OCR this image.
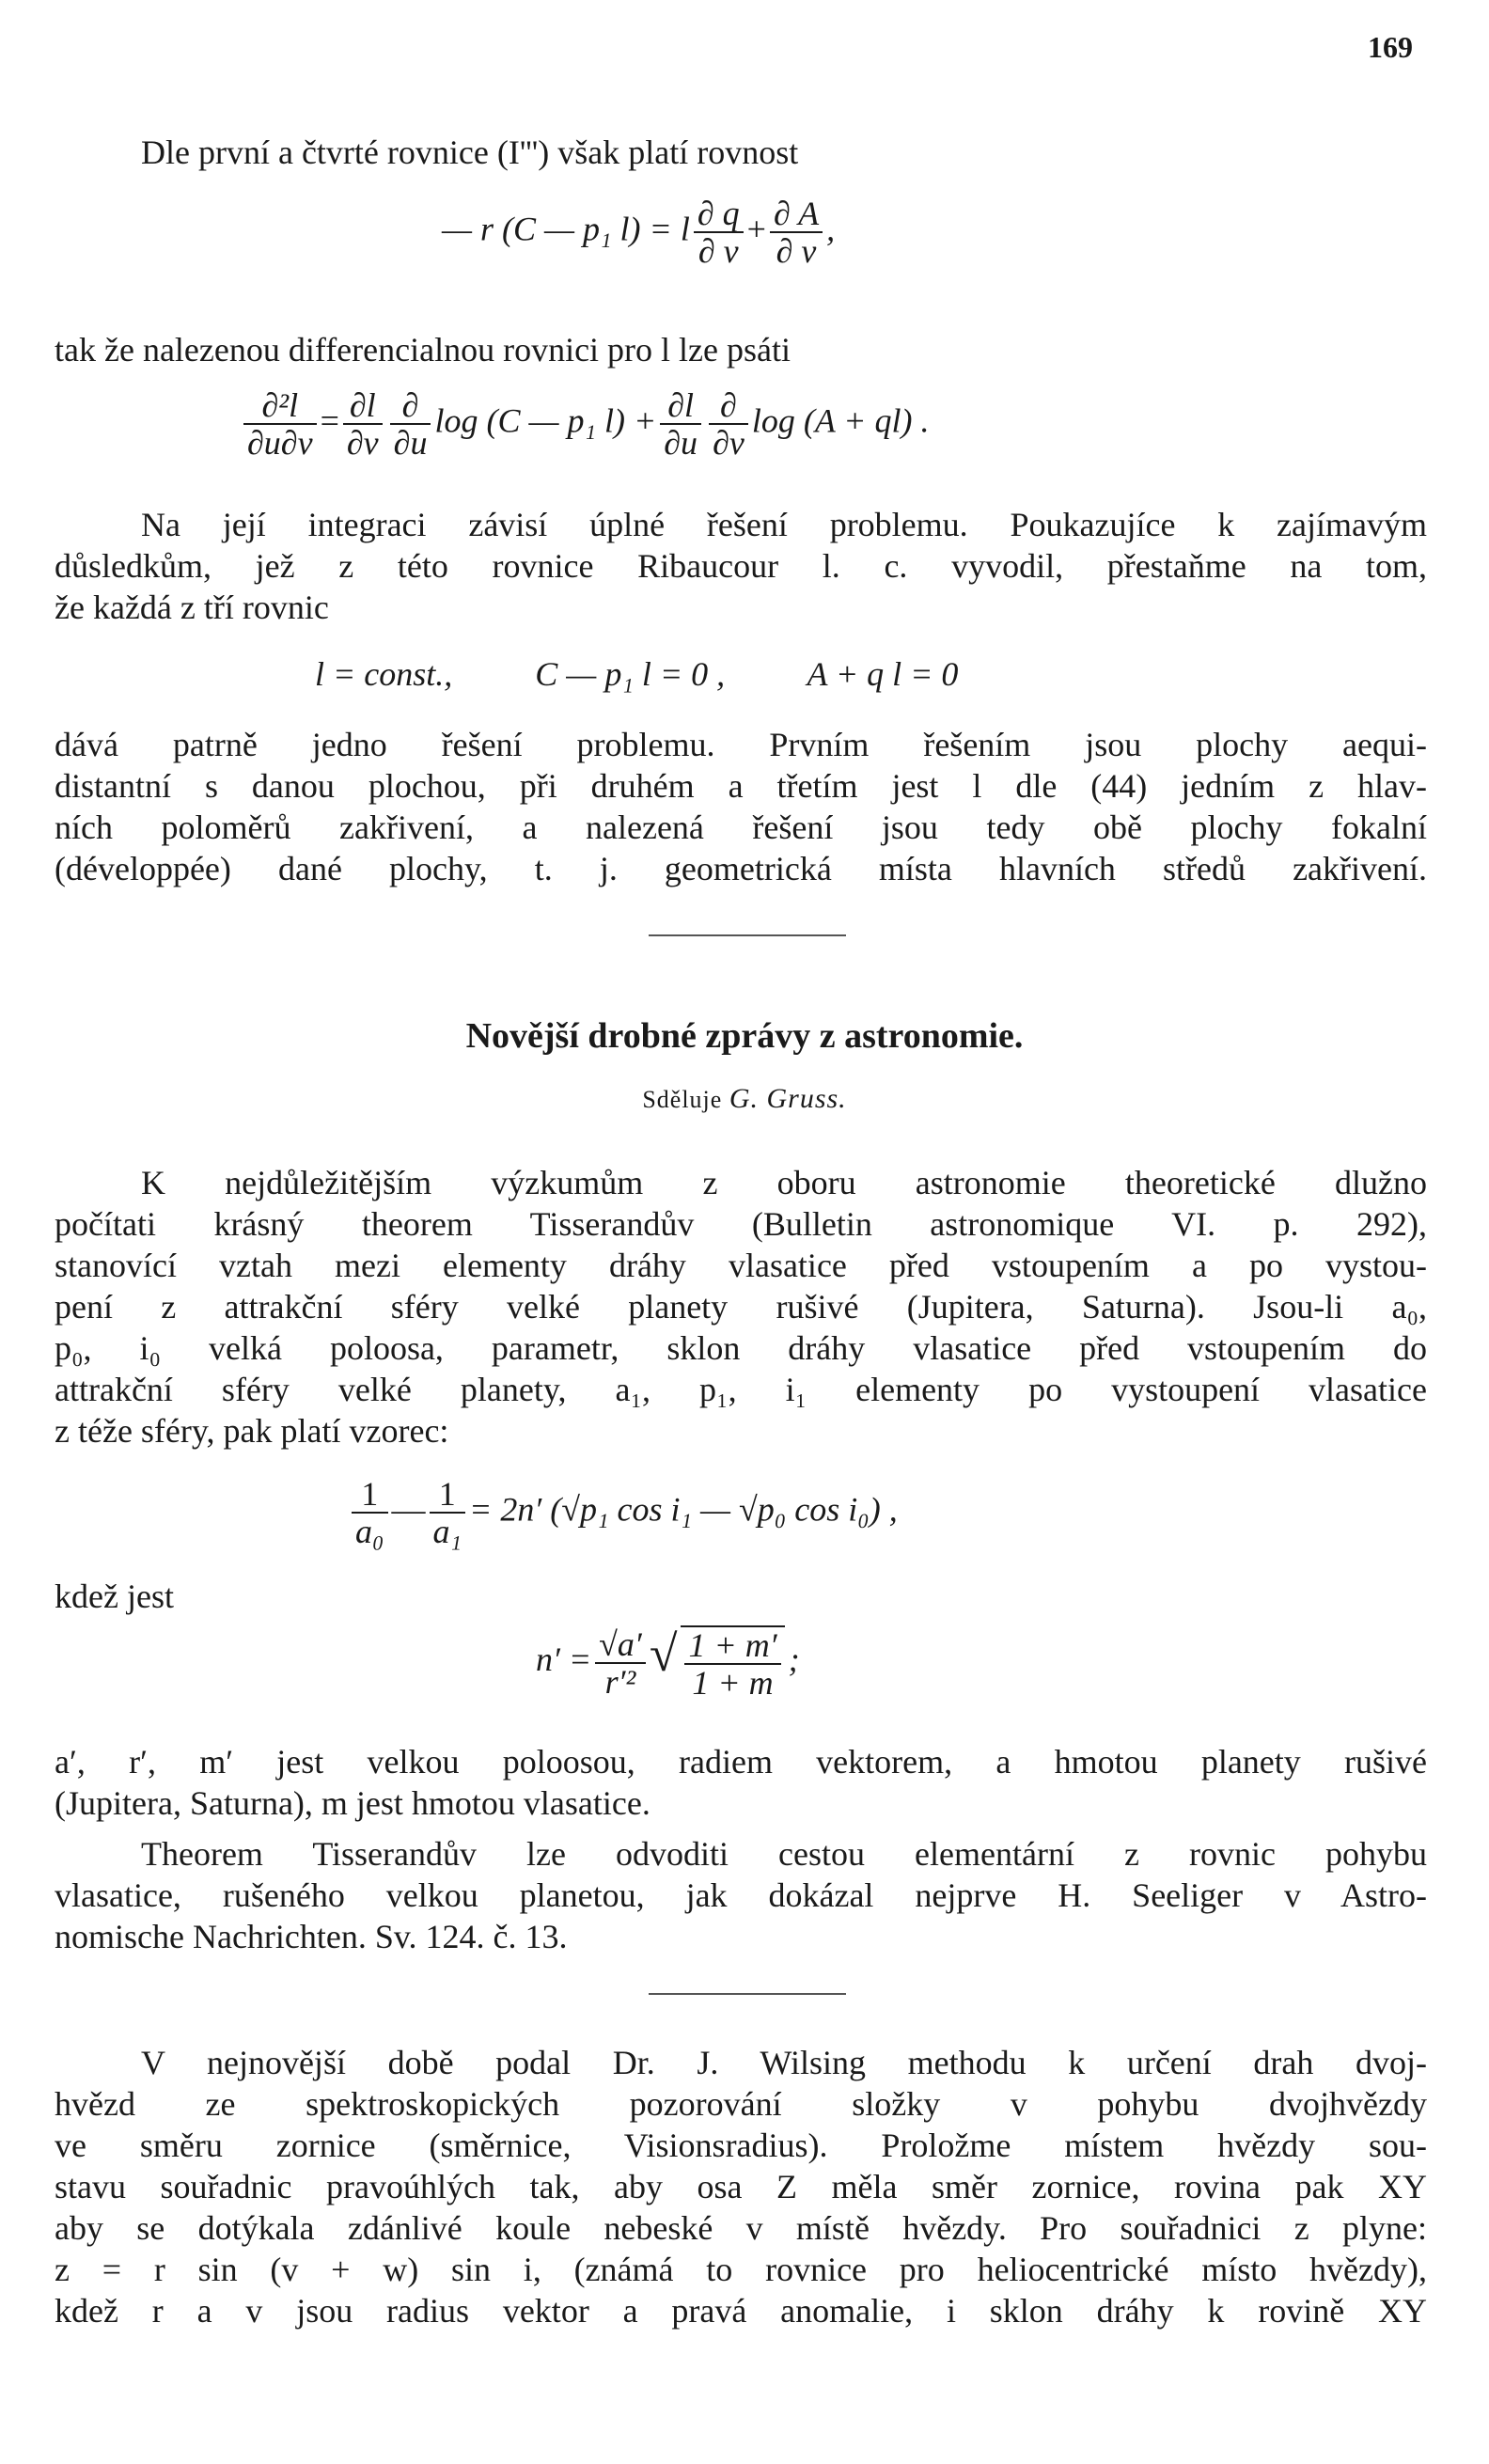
169
Dle první a čtvrté rovnice (I''') však platí rovnost
— r (C — p₁ l) = l $\frac{\partial q}{\partial v} + \frac{\partial A}{\partial v}$ ,
tak že nalezenou differencialnou rovnici pro l lze psáti
$\frac{\text{∂²l}}{\partial u\partial v} = \frac{\partial l}{\partial v} \frac{\partial}{\partial u}$ log (C — p₁ $l) + \frac{\partial l}{\partial u} \frac{\partial}{\partial v}$ log (A + ql) .
Na její integraci závisí úplné řešení problemu. Poukazujíce k zajímavým
důsledkům, jež z této rovnice Ribaucour l. c. vyvodil, přestaňme na tom,
že každá z tří rovnic
l = const., C — p₁ l = 0 , A + q l = 0
dává patrně jedno řešení problemu. Prvním řešením jsou plochy aequi-
distantní s danou plochou, při druhém a třetím jest l dle (44) jedním z hlav-
ních poloměrů zakřivení, a nalezená řešení jsou tedy obě plochy fokalní
(développée) dané plochy, t. j. geometrická místa hlavních středů zakřivení.
Novější drobné zprávy z astronomie.
Sděluje G. Gruss.
K nejdůležitějším výzkumům z oboru astronomie theoretické dlužno
počítati krásný theorem Tisserandův (Bulletin astronomique VI. p. 292),
stanovící vztah mezi elementy dráhy vlasatice před vstoupením a po vystou-
pení z attrakční sféry velké planety rušivé (Jupitera, Saturna). Jsou-li a₀,
p₀, i₀ velká poloosa, parametr, sklon dráhy vlasatice před vstoupením do
attrakční sféry velké planety, a₁, p₁, i₁ elementy po vystoupení vlasatice
z téže sféry, pak platí vzorec:
$\frac{1}{\text{a₀}}$ — $\frac{1}{\text{a₁}} = 2n'$ (√p₁ cos i₁ — √p₀ cos i₀) ,
kdež jest
$n' = \frac{√a'}{\text{r′²}}$ √ $\frac{1 + m'}{1 + m}$ ;
a′, r′, m′ jest velkou poloosou, radiem vektorem, a hmotou planety rušivé
(Jupitera, Saturna), m jest hmotou vlasatice.
Theorem Tisserandův lze odvoditi cestou elementární z rovnic pohybu
vlasatice, rušeného velkou planetou, jak dokázal nejprve H. Seeliger v Astro-
nomische Nachrichten. Sv. 124. č. 13.
V nejnovější době podal Dr. J. Wilsing methodu k určení drah dvoj-
hvězd ze spektroskopických pozorování složky v pohybu dvojhvězdy
ve směru zornice (směrnice, Visionsradius). Proložme místem hvězdy sou-
stavu souřadnic pravoúhlých tak, aby osa Z měla směr zornice, rovina pak XY
aby se dotýkala zdánlivé koule nebeské v místě hvězdy. Pro souřadnici z plyne:
z = r sin (v + w) sin i, (známá to rovnice pro heliocentrické místo hvězdy),
kdež r a v jsou radius vektor a pravá anomalie, i sklon dráhy k rovině XY
